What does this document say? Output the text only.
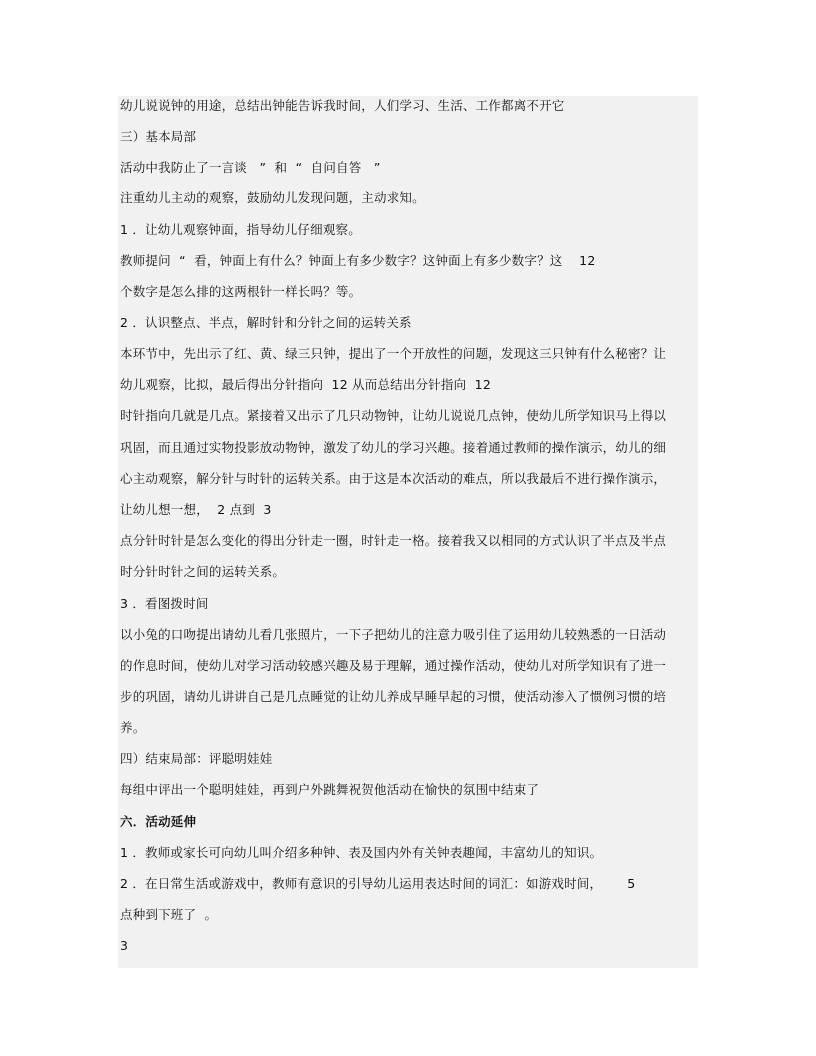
幼儿说说钟的用途，总结出钟能告诉我时间，人们学习、生活、工作都离不开它
三）基本局部
活动中我防止了一言谈   ”  和  “  自问自答   ”
注重幼儿主动的观察，鼓励幼儿发现问题，主动求知。
1 ．让幼儿观察钟面，指导幼儿仔细观察。
教师提问  “  看，钟面上有什么？钟面上有多少数字？这钟面上有多少数字？这    12
个数字是怎么排的这两根针一样长吗？等。
2 ．认识整点、半点，解时针和分针之间的运转关系
本环节中，先出示了红、黄、绿三只钟，提出了一个开放性的问题，发现这三只钟有什么秘密？让
幼儿观察，比拟，最后得出分针指向  12 从而总结出分针指向  12
时针指向几就是几点。紧接着又出示了几只动物钟，让幼儿说说几点钟，使幼儿所学知识马上得以
巩固，而且通过实物投影放动物钟，激发了幼儿的学习兴趣。接着通过教师的操作演示，幼儿的细
心主动观察，解分针与时针的运转关系。由于这是本次活动的难点，所以我最后不进行操作演示，
让幼儿想一想，  2 点到  3
点分针时针是怎么变化的得出分针走一圈，时针走一格。接着我又以相同的方式认识了半点及半点
时分针时针之间的运转关系。
3 ．看图拨时间
以小兔的口吻提出请幼儿看几张照片，一下子把幼儿的注意力吸引住了运用幼儿较熟悉的一日活动
的作息时间，使幼儿对学习活动较感兴趣及易于理解，通过操作活动，使幼儿对所学知识有了进一
步的巩固，请幼儿讲讲自己是几点睡觉的让幼儿养成早睡早起的习惯，使活动渗入了惯例习惯的培
养。
四）结束局部：评聪明娃娃
每组中评出一个聪明娃娃，再到户外跳舞祝贺他活动在愉快的氛围中结束了
六．活动延伸
1 ．教师或家长可向幼儿叫介绍多种钟、表及国内外有关钟表趣闻，丰富幼儿的知识。
2 ．在日常生活或游戏中，教师有意识的引导幼儿运用表达时间的词汇：如游戏时间，      5
点种到下班了  。
3
